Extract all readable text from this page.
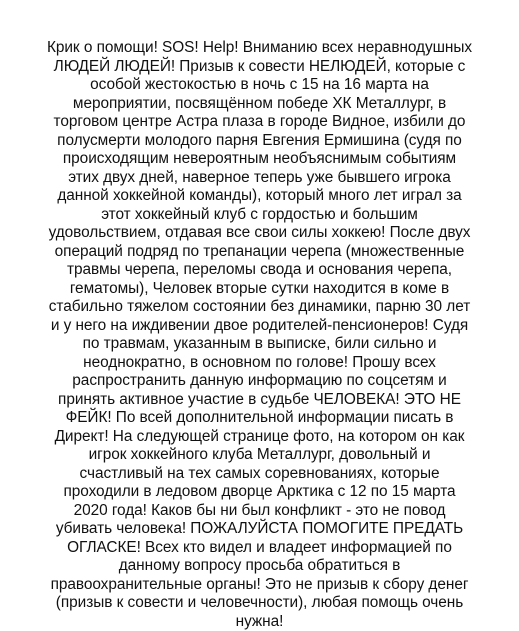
Крик о помощи! SOS! Help! Вниманию всех неравнодушных
ЛЮДЕЙ ЛЮДЕЙ! Призыв к совести НЕЛЮДЕЙ, которые с
особой жестокостью в ночь с 15 на 16 марта на
мероприятии, посвящённом победе ХК Металлург, в
торговом центре Астра плаза в городе Видное, избили до
полусмерти молодого парня Евгения Ермишина (судя по
происходящим невероятным необъяснимым событиям
этих двух дней, наверное теперь уже бывшего игрока
данной хоккейной команды), который много лет играл за
этот хоккейный клуб с гордостью и большим
удовольствием, отдавая все свои силы хоккею! После двух
операций подряд по трепанации черепа (множественные
травмы черепа, переломы свода и основания черепа,
гематомы), Человек вторые сутки находится в коме в
стабильно тяжелом состоянии без динамики, парню 30 лет
и у него на иждивении двое родителей-пенсионеров! Судя
по травмам, указанным в выписке, били сильно и
неоднократно, в основном по голове! Прошу всех
распространить данную информацию по соцсетям и
принять активное участие в судьбе ЧЕЛОВЕКА! ЭТО НЕ
ФЕЙК! По всей дополнительной информации писать в
Директ! На следующей странице фото, на котором он как
игрок хоккейного клуба Металлург, довольный и
счастливый на тех самых соревнованиях, которые
проходили в ледовом дворце Арктика с 12 по 15 марта
2020 года! Каков бы ни был конфликт - это не повод
убивать человека! ПОЖАЛУЙСТА ПОМОГИТЕ ПРЕДАТЬ
ОГЛАСКЕ! Всех кто видел и владеет информацией по
данному вопросу просьба обратиться в
правоохранительные органы! Это не призыв к сбору денег
(призыв к совести и человечности), любая помощь очень
нужна!
